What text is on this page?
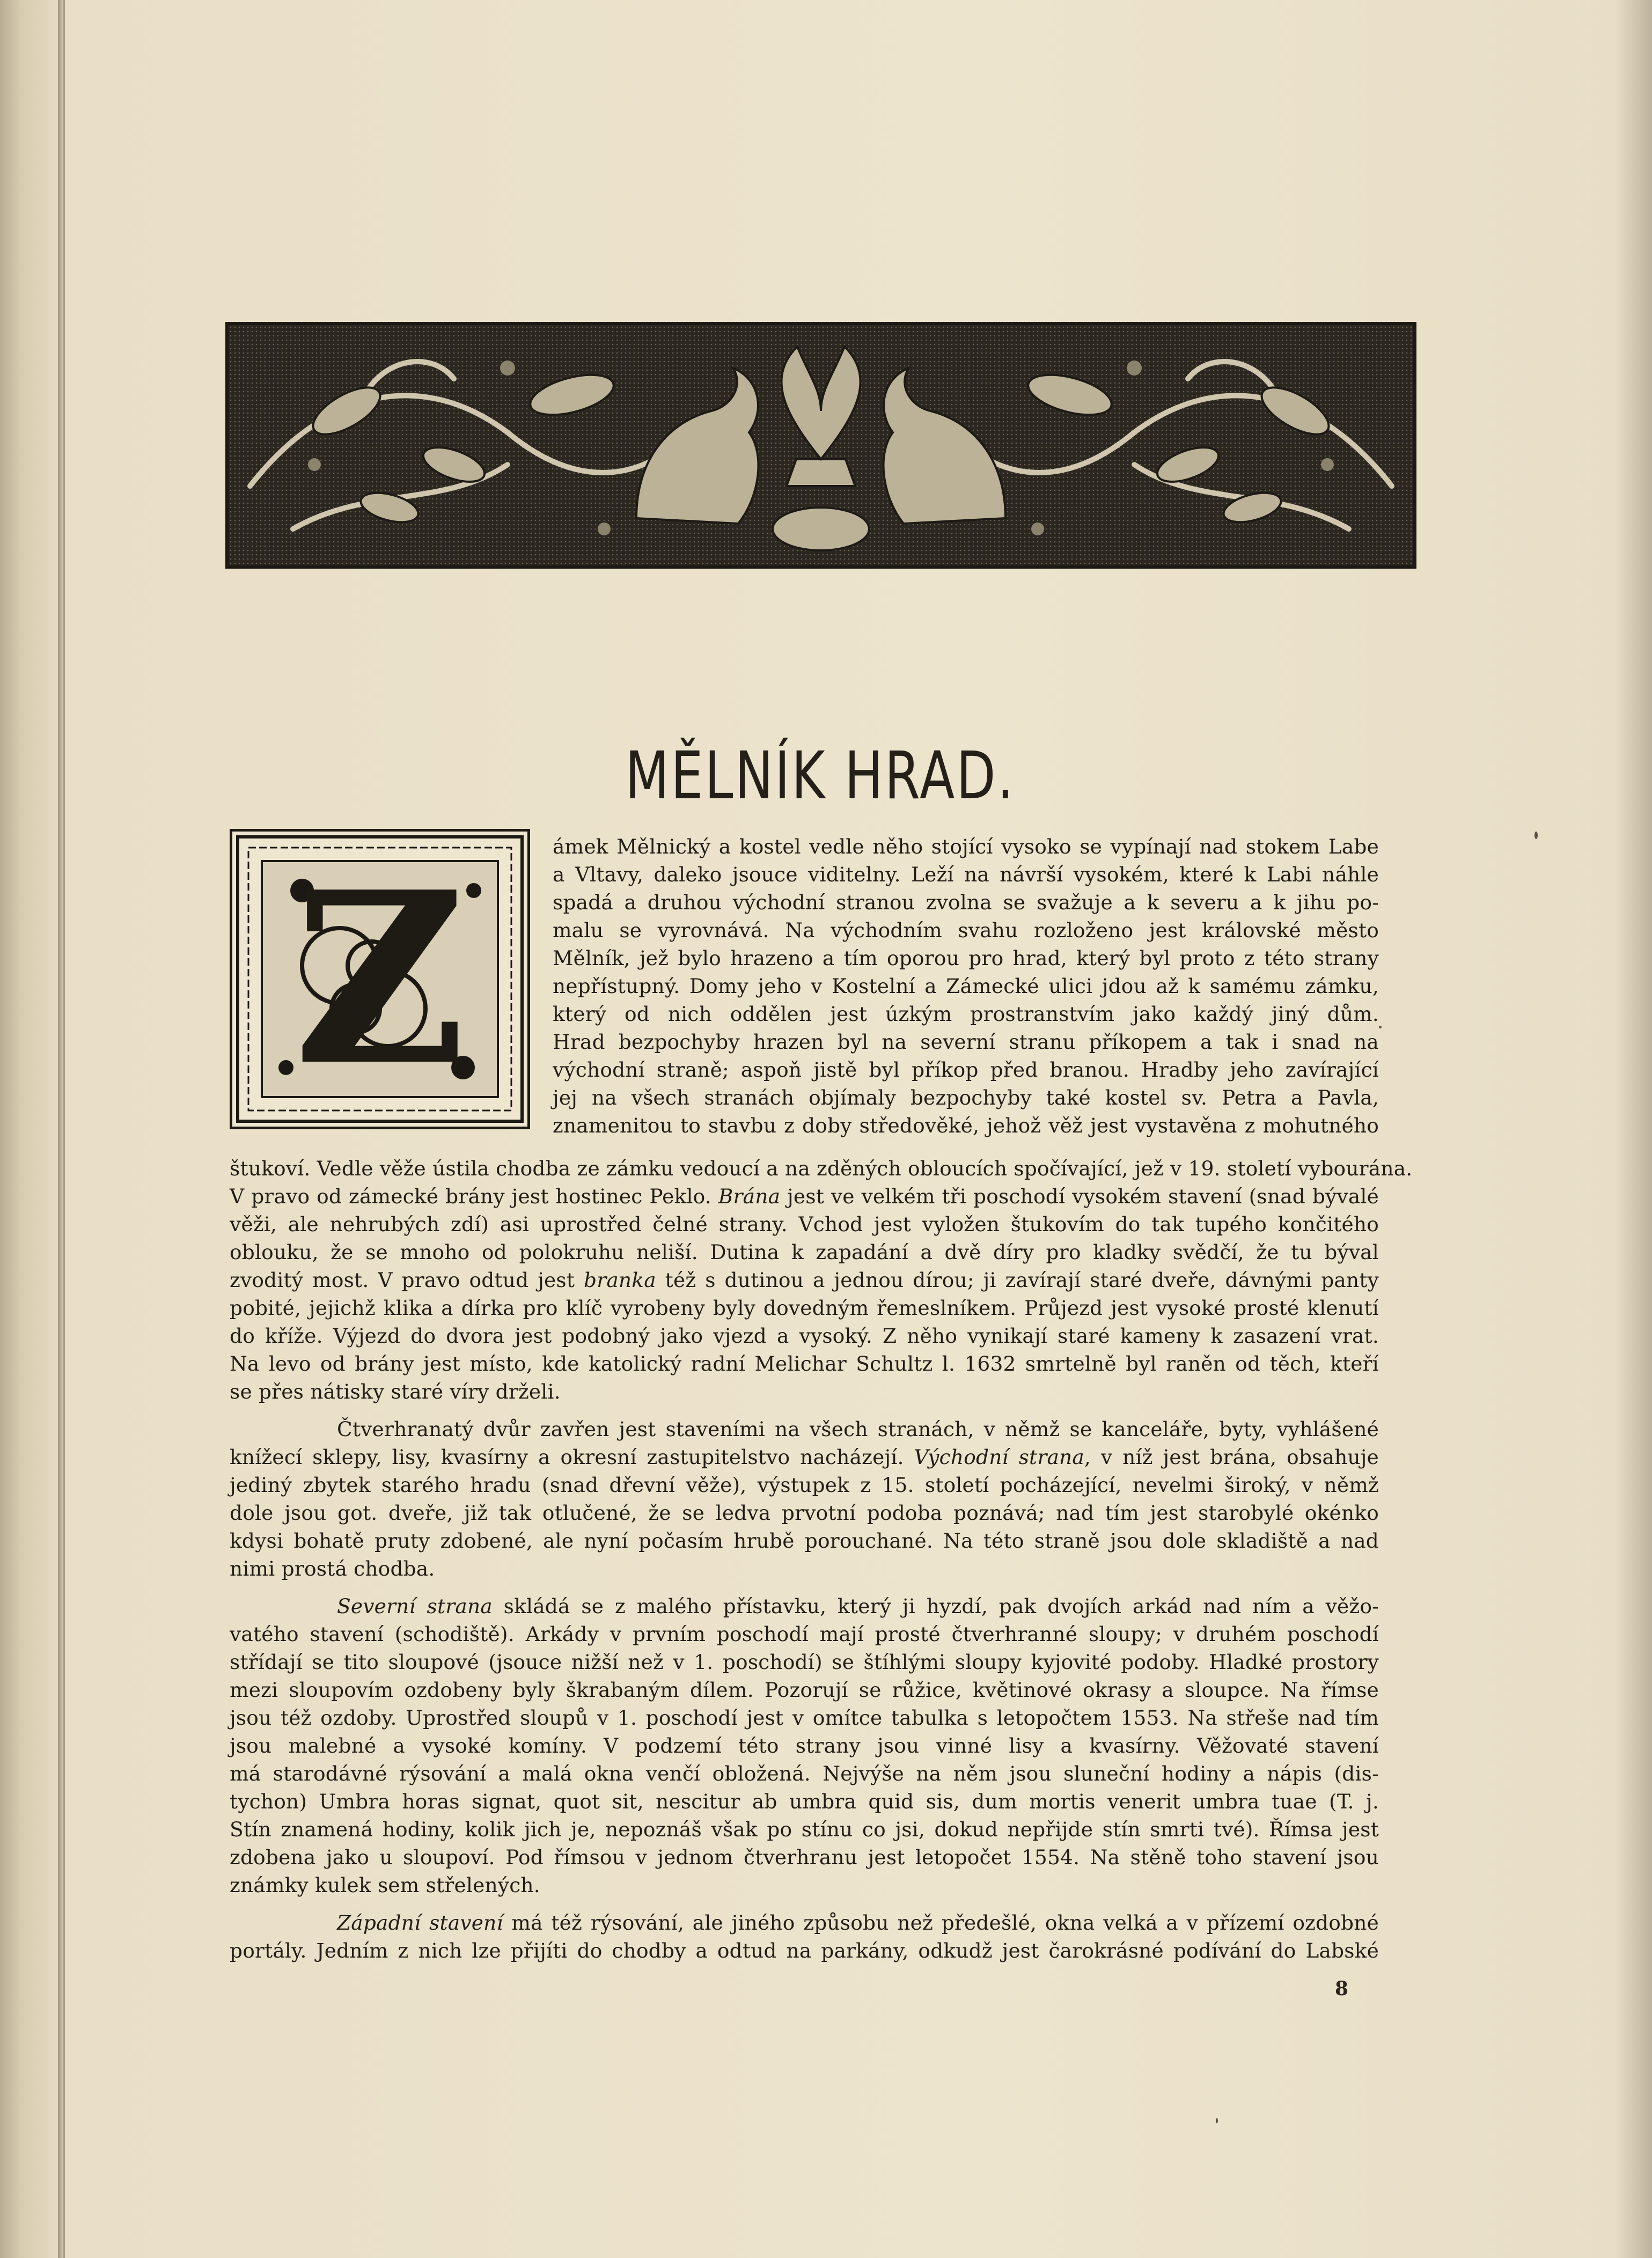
MĚLNÍK HRAD.
Z	ámek Mělnický a kostel vedle něho stojící vysoko se vypínají nad stokem Labe
a Vltavy, daleko jsouce viditelny. Leží na návrší vysokém, které k Labi náhle
spadá a druhou východní stranou zvolna se svažuje a k severu a k jihu po-
malu se vyrovnává. Na východním svahu rozloženo jest královské město
Mělník, jež bylo hrazeno a tím oporou pro hrad, který byl proto z této strany
nepřístupný. Domy jeho v Kostelní a Zámecké ulici jdou až k samému zámku,
který od nich oddělen jest úzkým prostranstvím jako každý jiný dům.
Hrad bezpochyby hrazen byl na severní stranu příkopem a tak i snad na
východní straně; aspoň jistě byl příkop před branou. Hradby jeho zavírající
jej na všech stranách objímaly bezpochyby také kostel sv. Petra a Pavla,
znamenitou to stavbu z doby středověké, jehož věž jest vystavěna z mohutného
štukoví. Vedle věže ústila chodba ze zámku vedoucí a na zděných obloucích spočívající, jež v 19. století vybourána.
V pravo od zámecké brány jest hostinec Peklo. Brána jest ve velkém tři poschodí vysokém stavení (snad bývalé
věži, ale nehrubých zdí) asi uprostřed čelné strany. Vchod jest vyložen štukovím do tak tupého končitého
oblouku, že se mnoho od polokruhu neliší. Dutina k zapadání a dvě díry pro kladky svědčí, že tu býval
zvoditý most. V pravo odtud jest branka též s dutinou a jednou dírou; ji zavírají staré dveře, dávnými panty
pobité, jejichž klika a dírka pro klíč vyrobeny byly dovedným řemeslníkem. Průjezd jest vysoké prosté klenutí
do kříže. Výjezd do dvora jest podobný jako vjezd a vysoký. Z něho vynikají staré kameny k zasazení vrat.
Na levo od brány jest místo, kde katolický radní Melichar Schultz l. 1632 smrtelně byl raněn od těch, kteří
se přes nátisky staré víry drželi.
Čtverhranatý dvůr zavřen jest staveními na všech stranách, v němž se kanceláře, byty, vyhlášené
knížecí sklepy, lisy, kvasírny a okresní zastupitelstvo nacházejí. Východní strana, v níž jest brána, obsahuje
jediný zbytek starého hradu (snad dřevní věže), výstupek z 15. století pocházející, nevelmi široký, v němž
dole jsou got. dveře, již tak otlučené, že se ledva prvotní podoba poznává; nad tím jest starobylé okénko
kdysi bohatě pruty zdobené, ale nyní počasím hrubě porouchané. Na této straně jsou dole skladiště a nad
nimi prostá chodba.
Severní strana skládá se z malého přístavku, který ji hyzdí, pak dvojích arkád nad ním a věžo-
vatého stavení (schodiště). Arkády v prvním poschodí mají prosté čtverhranné sloupy; v druhém poschodí
střídají se tito sloupové (jsouce nižší než v 1. poschodí) se štíhlými sloupy kyjovité podoby. Hladké prostory
mezi sloupovím ozdobeny byly škrabaným dílem. Pozorují se růžice, květinové okrasy a sloupce. Na římse
jsou též ozdoby. Uprostřed sloupů v 1. poschodí jest v omítce tabulka s letopočtem 1553. Na střeše nad tím
jsou malebné a vysoké komíny. V podzemí této strany jsou vinné lisy a kvasírny. Věžovaté stavení
má starodávné rýsování a malá okna venčí obložená. Nejvýše na něm jsou sluneční hodiny a nápis (dis-
tychon) Umbra horas signat, quot sit, nescitur ab umbra quid sis, dum mortis venerit umbra tuae (T. j.
Stín znamená hodiny, kolik jich je, nepoznáš však po stínu co jsi, dokud nepřijde stín smrti tvé). Římsa jest
zdobena jako u sloupoví. Pod římsou v jednom čtverhranu jest letopočet 1554. Na stěně toho stavení jsou
známky kulek sem střelených.
Západní stavení má též rýsování, ale jiného způsobu než předešlé, okna velká a v přízemí ozdobné
portály. Jedním z nich lze přijíti do chodby a odtud na parkány, odkudž jest čarokrásné podívání do Labské
8
